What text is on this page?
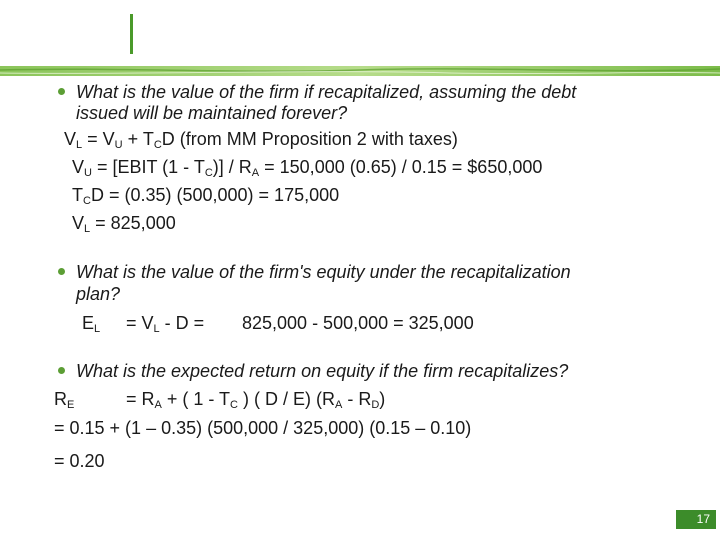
What is the value of the firm if recapitalized, assuming the debt
issued will be maintained forever?
$V_L = V_U + T_CD$ (from MM Proposition 2 with taxes)
$V_U$ = [EBIT $(1 - T_C)] / R_A = 150,000$ (0.65) / 0.15 = $650,000
$T_CD = (0.35) (500,000) = 175,000$
$V_L = 825,000$
What is the value of the firm's equity under the recapitalization
plan?
$E_L = V_L - D = 825,000 - 500,000 = 325,000$
What is the expected return on equity if the firm recapitalizes?
$R_E$	= $R_A$ + ( $1 - T_C$ ) ( D / E) $(R_A - R_D)$
= 0.15 + (1 – 0.35) (500,000 / 325,000) (0.15 – 0.10)
= 0.20
17
